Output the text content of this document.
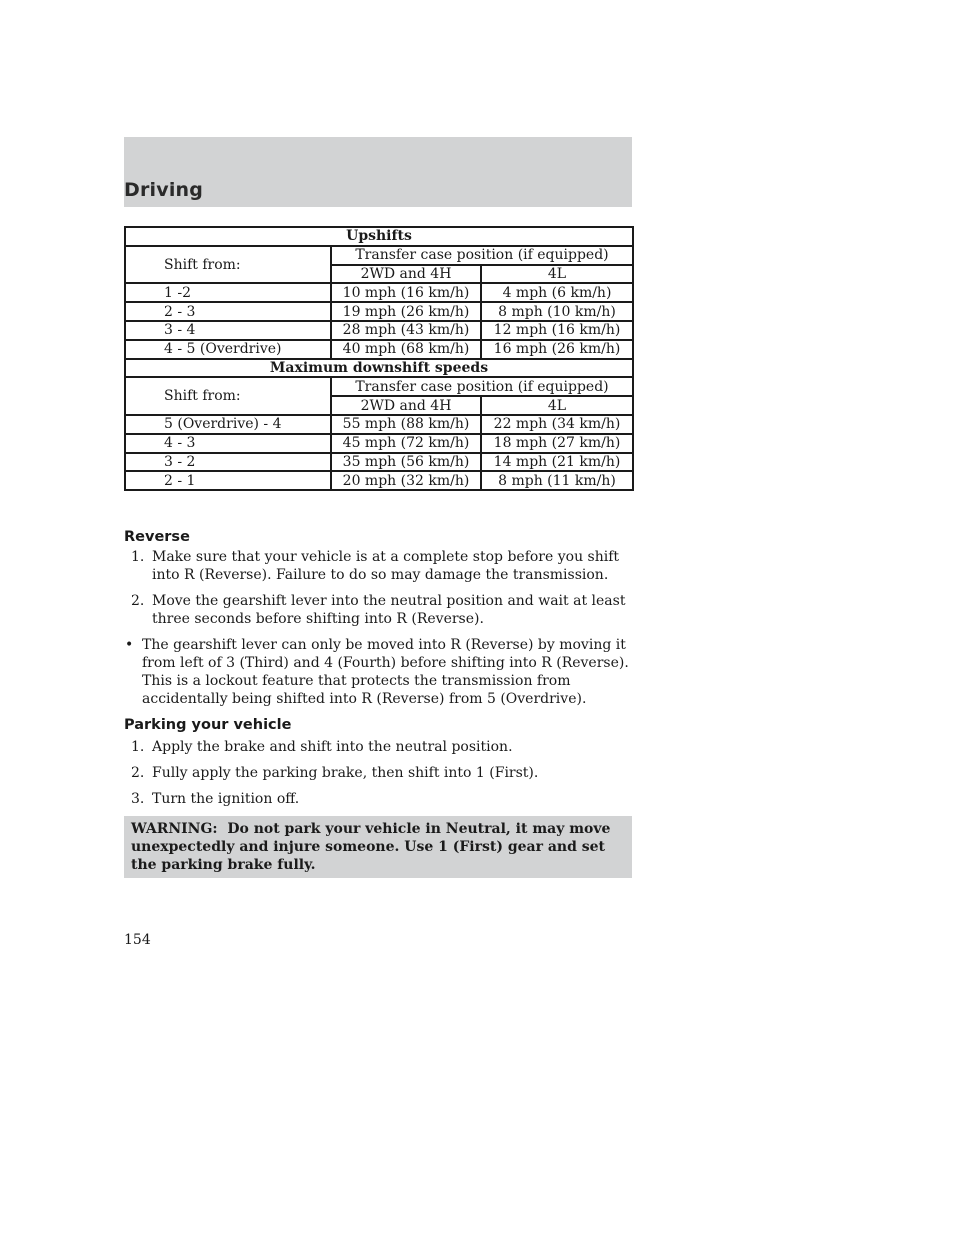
Driving
Upshifts		
Shift from:	Transfer case position (if equipped)	
	2WD and 4H	4L
1 -2	10 mph (16 km/h)	4 mph (6 km/h)
2 - 3	19 mph (26 km/h)	8 mph (10 km/h)
3 - 4	28 mph (43 km/h)	12 mph (16 km/h)
4 - 5 (Overdrive)	40 mph (68 km/h)	16 mph (26 km/h)
Maximum downshift speeds		
Shift from:	Transfer case position (if equipped)	
	2WD and 4H	4L
5 (Overdrive) - 4	55 mph (88 km/h)	22 mph (34 km/h)
4 - 3	45 mph (72 km/h)	18 mph (27 km/h)
3 - 2	35 mph (56 km/h)	14 mph (21 km/h)
2 - 1	20 mph (32 km/h)	8 mph (11 km/h)
Reverse
1. Make sure that your vehicle is at a complete stop before you shift
into R (Reverse). Failure to do so may damage the transmission.
2. Move the gearshift lever into the neutral position and wait at least
three seconds before shifting into R (Reverse).
• The gearshift lever can only be moved into R (Reverse) by moving it from left of 3 (Third) and 4 (Fourth) before shifting into R (Reverse). This is a lockout feature that protects the transmission from accidentally being shifted into R (Reverse) from 5 (Overdrive).
Parking your vehicle
1. Apply the brake and shift into the neutral position.
2. Fully apply the parking brake, then shift into 1 (First).
3. Turn the ignition off.
WARNING:  Do not park your vehicle in Neutral, it may move
unexpectedly and injure someone. Use 1 (First) gear and set
the parking brake fully.
154
